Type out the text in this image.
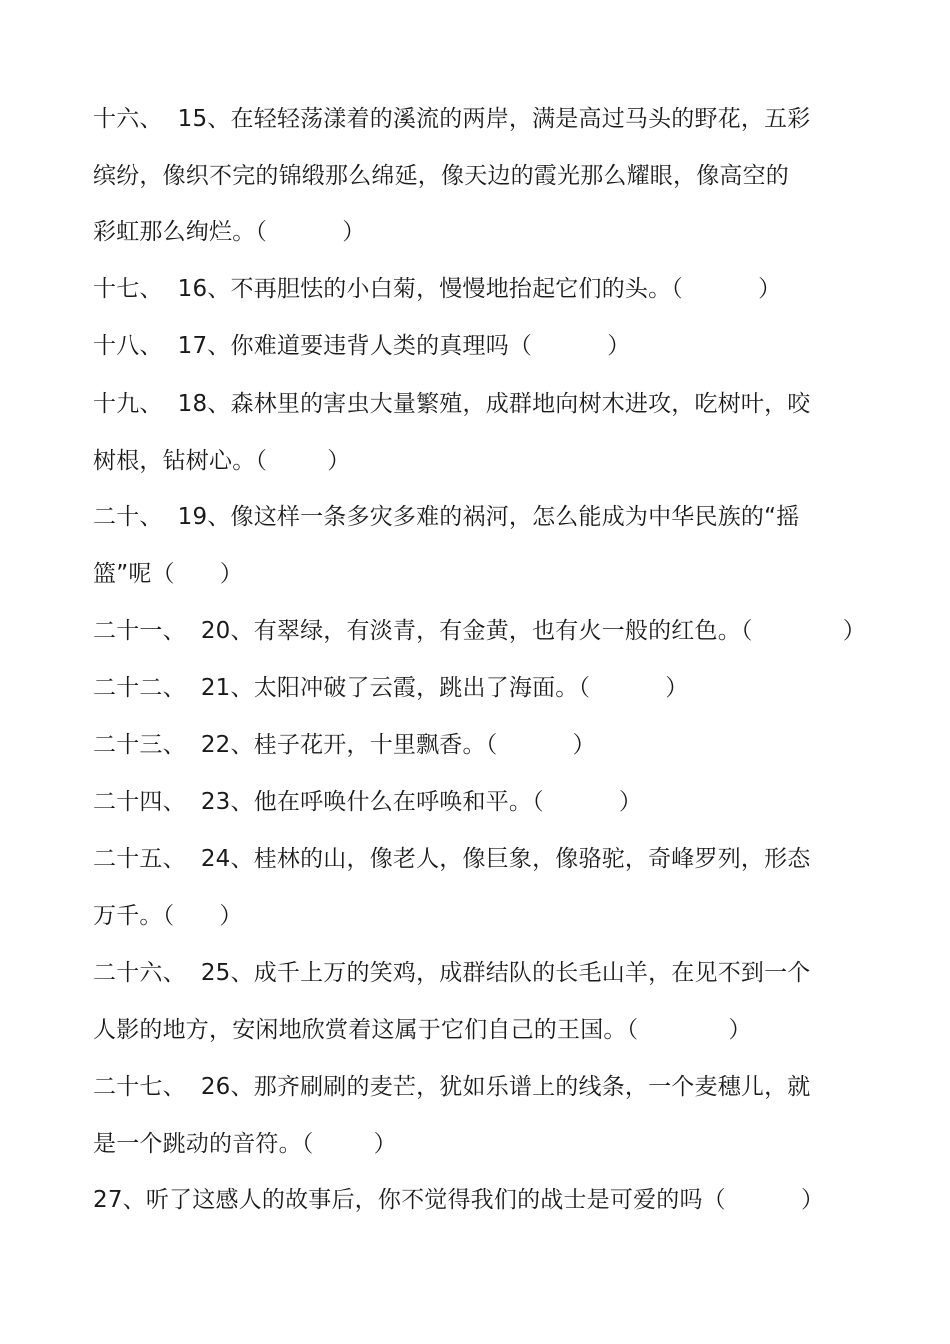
十六、  15、在轻轻荡漾着的溪流的两岸，满是高过马头的野花，五彩
缤纷，像织不完的锦缎那么绵延，像天边的霞光那么耀眼，像高空的
彩虹那么绚烂。（          ）
十七、  16、不再胆怯的小白菊，慢慢地抬起它们的头。（          ）
十八、  17、你难道要违背人类的真理吗（          ）
十九、  18、森林里的害虫大量繁殖，成群地向树木进攻，吃树叶，咬
树根，钻树心。（        ）
二十、  19、像这样一条多灾多难的祸河，怎么能成为中华民族的“摇
篮”呢（      ）
二十一、  20、有翠绿，有淡青，有金黄，也有火一般的红色。（            ）
二十二、  21、太阳冲破了云霞，跳出了海面。（          ）
二十三、  22、桂子花开，十里飘香。（          ）
二十四、  23、他在呼唤什么在呼唤和平。（          ）
二十五、  24、桂林的山，像老人，像巨象，像骆驼，奇峰罗列，形态
万千。（      ）
二十六、  25、成千上万的笑鸡，成群结队的长毛山羊，在见不到一个
人影的地方，安闲地欣赏着这属于它们自己的王国。（            ）
二十七、  26、那齐刷刷的麦芒，犹如乐谱上的线条，一个麦穗儿，就
是一个跳动的音符。（        ）
27、听了这感人的故事后，你不觉得我们的战士是可爱的吗（          ）
